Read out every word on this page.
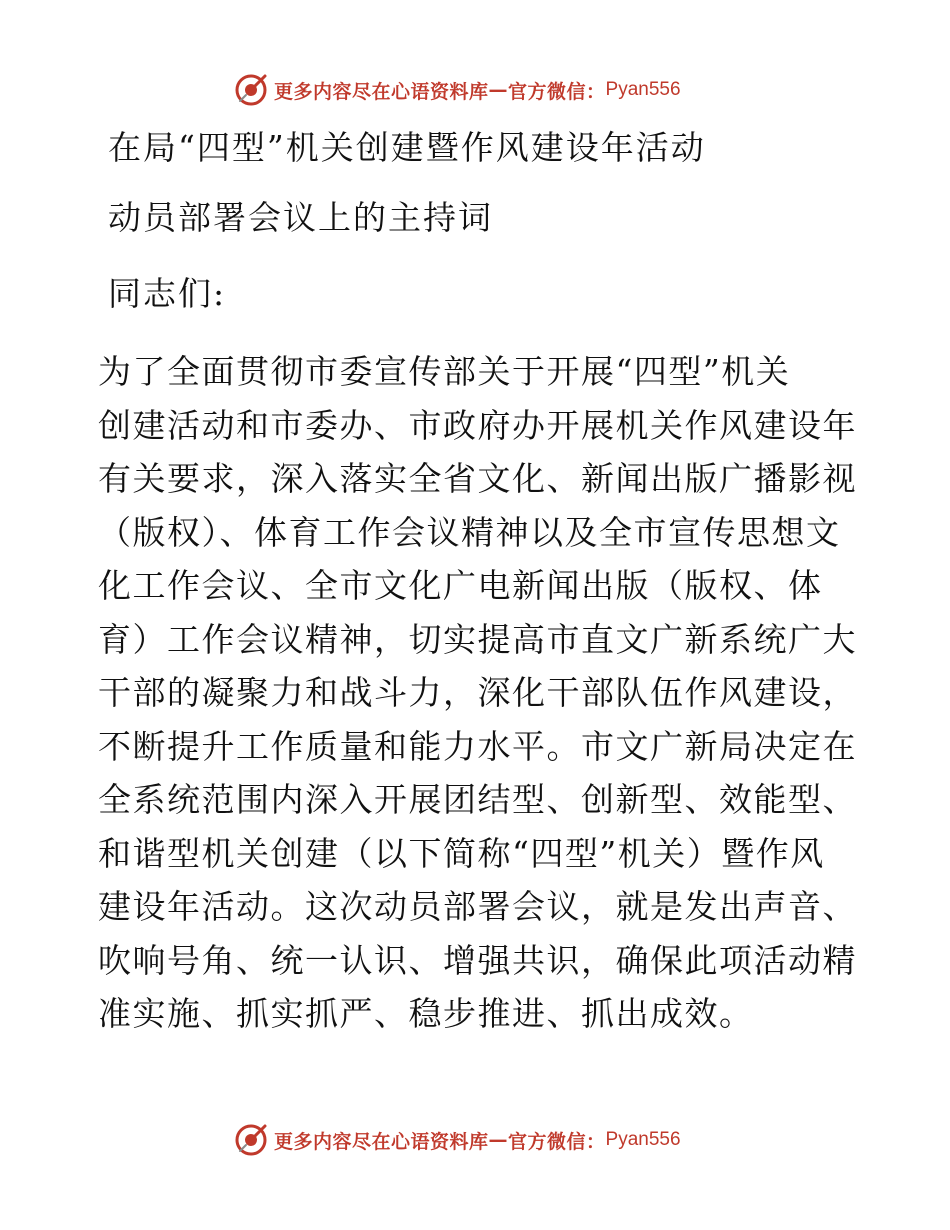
更多内容尽在心语资料库 — 官方微信： Pyan556
在局“四型”机关创建暨作风建设年活动
动员部署会议上的主持词
同志们:
为了全面贯彻市委宣传部关于开展“四型”机关
创建活动和市委办、市政府办开展机关作风建设年
有关要求，深入落实全省文化、新闻出版广播影视
（版权）、体育工作会议精神以及全市宣传思想文
化工作会议、全市文化广电新闻出版（版权、体
育）工作会议精神，切实提高市直文广新系统广大
干部的凝聚力和战斗力，深化干部队伍作风建设，
不断提升工作质量和能力水平。市文广新局决定在
全系统范围内深入开展团结型、创新型、效能型、
和谐型机关创建（以下简称“四型”机关）暨作风
建设年活动。这次动员部署会议，就是发出声音、
吹响号角、统一认识、增强共识，确保此项活动精
准实施、抓实抓严、稳步推进、抓出成效。
更多内容尽在心语资料库 — 官方微信： Pyan556
